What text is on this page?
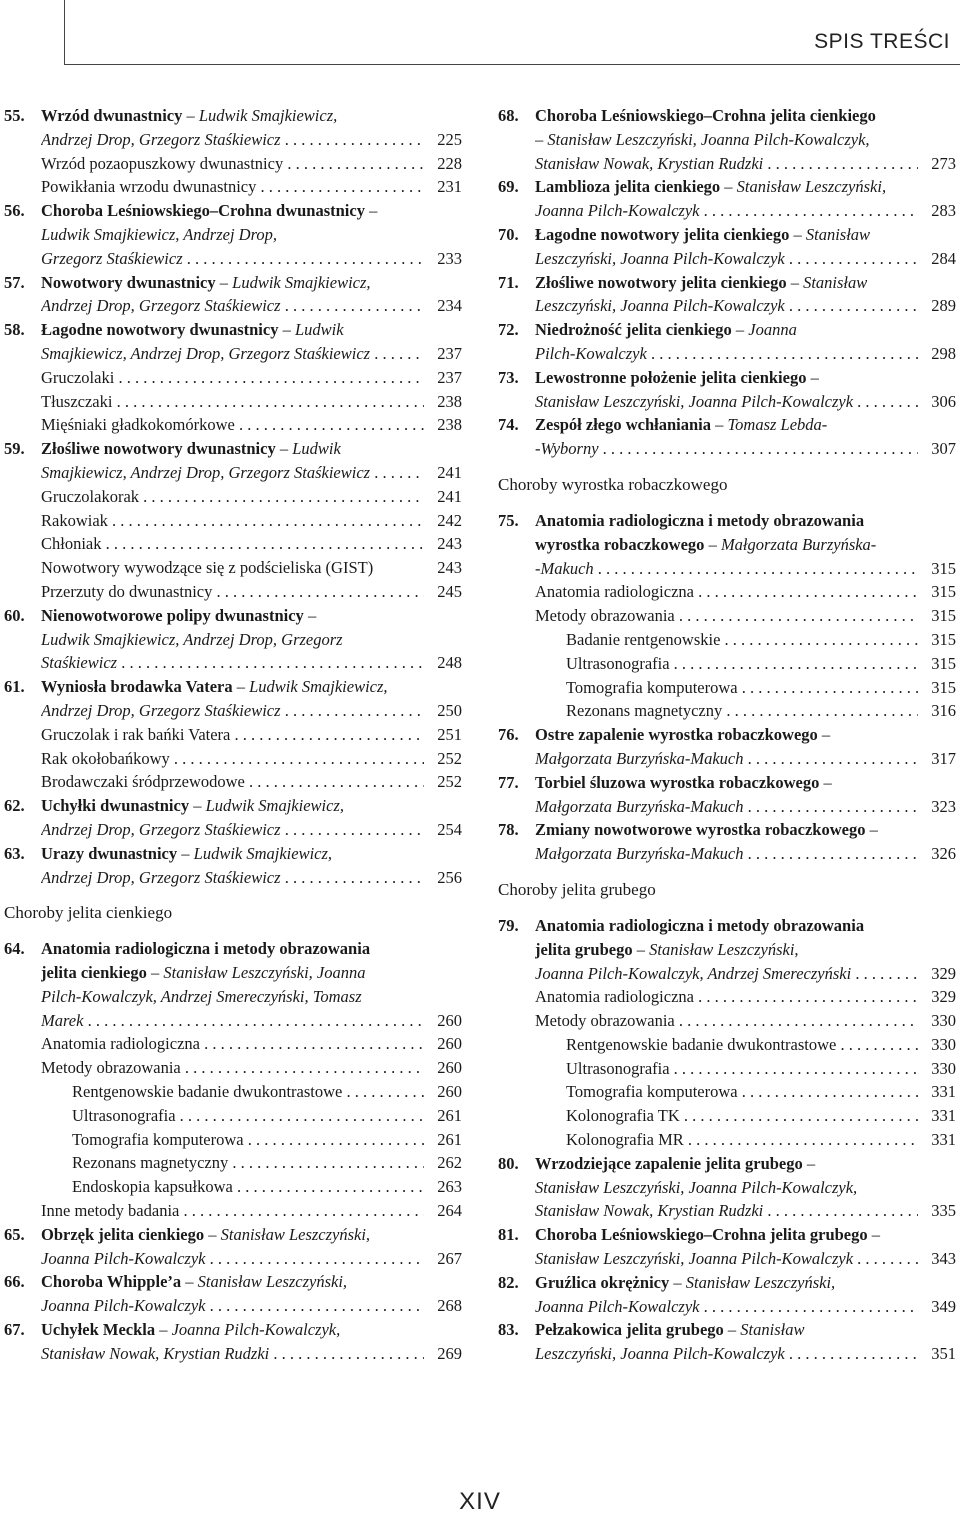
SPIS TREŚCI
55. Wrzód dwunastnicy – Ludwik Smajkiewicz,
Andrzej Drop, Grzegorz Staśkiewicz . . .	225
Wrzód pozaopuszkowy dwunastnicy . . .	228
Powikłania wrzodu dwunastnicy . . .	231
56. Choroba Leśniowskiego–Crohna dwunastnicy –
Ludwik Smajkiewicz, Andrzej Drop,
Grzegorz Staśkiewicz . . .	233
57. Nowotwory dwunastnicy – Ludwik Smajkiewicz,
Andrzej Drop, Grzegorz Staśkiewicz . . .	234
58. Łagodne nowotwory dwunastnicy – Ludwik
Smajkiewicz, Andrzej Drop, Grzegorz Staśkiewicz . . .	237
Gruczolaki . . .	237
Tłuszczaki . . .	238
Mięśniaki gładkokomórkowe . . .	238
59. Złośliwe nowotwory dwunastnicy – Ludwik
Smajkiewicz, Andrzej Drop, Grzegorz Staśkiewicz . . .	241
Gruczolakorak . . .	241
Rakowiak . . .	242
Chłoniak . . .	243
Nowotwory wywodzące się z podścieliska (GIST)	243
Przerzuty do dwunastnicy . . .	245
60. Nienowotworowe polipy dwunastnicy –
Ludwik Smajkiewicz, Andrzej Drop, Grzegorz
Staśkiewicz . . .	248
61. Wyniosła brodawka Vatera – Ludwik Smajkiewicz,
Andrzej Drop, Grzegorz Staśkiewicz . . .	250
Gruczolak i rak bańki Vatera . . .	251
Rak okołobańkowy . . .	252
Brodawczaki śródprzewodowe . . .	252
62. Uchyłki dwunastnicy – Ludwik Smajkiewicz,
Andrzej Drop, Grzegorz Staśkiewicz . . .	254
63. Urazy dwunastnicy – Ludwik Smajkiewicz,
Andrzej Drop, Grzegorz Staśkiewicz . . .	256
Choroby jelita cienkiego
64. Anatomia radiologiczna i metody obrazowania
jelita cienkiego – Stanisław Leszczyński, Joanna
Pilch-Kowalczyk, Andrzej Smereczyński, Tomasz
Marek . . .	260
Anatomia radiologiczna . . .	260
Metody obrazowania . . .	260
Rentgenowskie badanie dwukontrastowe . . .	260
Ultrasonografia . . .	261
Tomografia komputerowa . . .	261
Rezonans magnetyczny . . .	262
Endoskopia kapsułkowa . . .	263
Inne metody badania . . .	264
65. Obrzęk jelita cienkiego – Stanisław Leszczyński,
Joanna Pilch-Kowalczyk . . .	267
66. Choroba Whipple’a – Stanisław Leszczyński,
Joanna Pilch-Kowalczyk . . .	268
67. Uchyłek Meckla – Joanna Pilch-Kowalczyk,
Stanisław Nowak, Krystian Rudzki . . .	269
68. Choroba Leśniowskiego–Crohna jelita cienkiego
– Stanisław Leszczyński, Joanna Pilch-Kowalczyk,
Stanisław Nowak, Krystian Rudzki . . .	273
69. Lamblioza jelita cienkiego – Stanisław Leszczyński,
Joanna Pilch-Kowalczyk . . .	283
70. Łagodne nowotwory jelita cienkiego – Stanisław
Leszczyński, Joanna Pilch-Kowalczyk . . .	284
71. Złośliwe nowotwory jelita cienkiego – Stanisław
Leszczyński, Joanna Pilch-Kowalczyk . . .	289
72. Niedrożność jelita cienkiego – Joanna
Pilch-Kowalczyk . . .	298
73. Lewostronne położenie jelita cienkiego –
Stanisław Leszczyński, Joanna Pilch-Kowalczyk . . .	306
74. Zespół złego wchłaniania – Tomasz Lebda-
-Wyborny . . .	307
Choroby wyrostka robaczkowego
75. Anatomia radiologiczna i metody obrazowania
wyrostka robaczkowego – Małgorzata Burzyńska-
-Makuch . . .	315
Anatomia radiologiczna . . .	315
Metody obrazowania . . .	315
Badanie rentgenowskie . . .	315
Ultrasonografia . . .	315
Tomografia komputerowa . . .	315
Rezonans magnetyczny . . .	316
76. Ostre zapalenie wyrostka robaczkowego –
Małgorzata Burzyńska-Makuch . . .	317
77. Torbiel śluzowa wyrostka robaczkowego –
Małgorzata Burzyńska-Makuch . . .	323
78. Zmiany nowotworowe wyrostka robaczkowego –
Małgorzata Burzyńska-Makuch . . .	326
Choroby jelita grubego
79. Anatomia radiologiczna i metody obrazowania
jelita grubego – Stanisław Leszczyński,
Joanna Pilch-Kowalczyk, Andrzej Smereczyński . . .	329
Anatomia radiologiczna . . .	329
Metody obrazowania . . .	330
Rentgenowskie badanie dwukontrastowe . . .	330
Ultrasonografia . . .	330
Tomografia komputerowa . . .	331
Kolonografia TK . . .	331
Kolonografia MR . . .	331
80. Wrzodziejące zapalenie jelita grubego –
Stanisław Leszczyński, Joanna Pilch-Kowalczyk,
Stanisław Nowak, Krystian Rudzki . . .	335
81. Choroba Leśniowskiego–Crohna jelita grubego –
Stanisław Leszczyński, Joanna Pilch-Kowalczyk . . .	343
82. Gruźlica okrężnicy – Stanisław Leszczyński,
Joanna Pilch-Kowalczyk . . .	349
83. Pełzakowica jelita grubego – Stanisław
Leszczyński, Joanna Pilch-Kowalczyk . . .	351
XIV
